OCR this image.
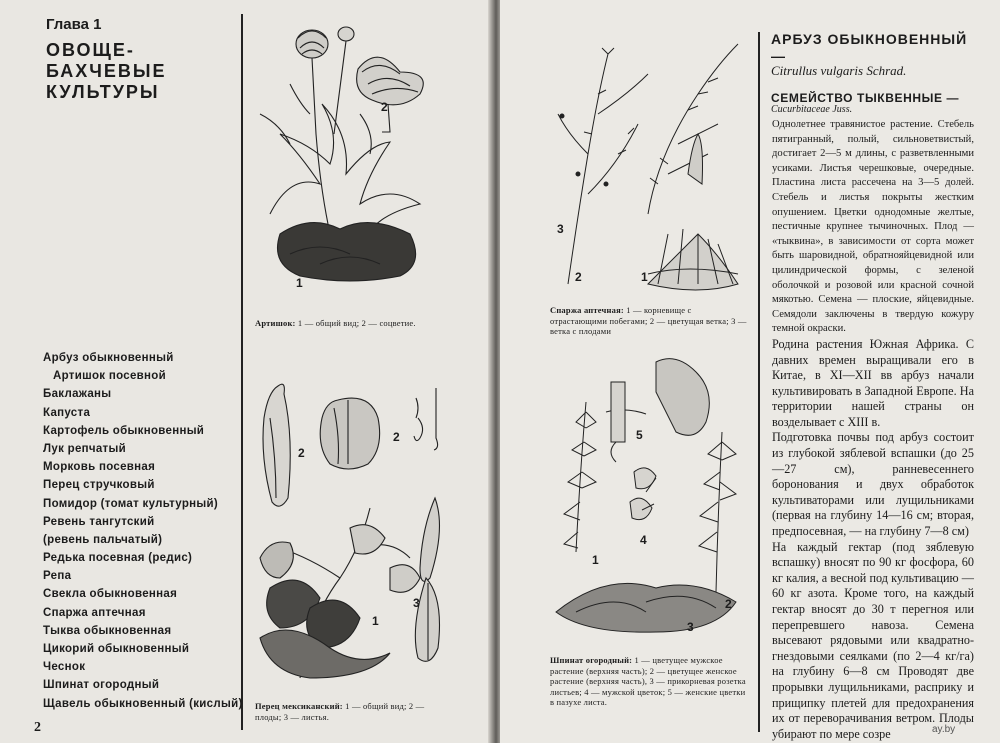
Глава 1
ОВОЩЕ-БАХЧЕВЫЕ КУЛЬТУРЫ
1
2
Артишок: 1 — общий вид; 2 — соцветие.
Арбуз обыкновенный
Артишок посевной
Баклажаны
Капуста
Картофель обыкновенный
Лук репчатый
Морковь посевная
Перец стручковый
Помидор (томат культурный)
Ревень тангутский
(ревень пальчатый)
Редька посевная (редис)
Репа
Свекла обыкновенная
Спаржа аптечная
Тыква обыкновенная
Цикорий обыкновенный
Чеснок
Шпинат огородный
Щавель обыкновенный (кислый)
1
2
2
3
Перец мексиканский: 1 — общий вид; 2 — плоды; 3 — листья.
2
1
2
3
Спаржа аптечная: 1 — корневище с отрастающими побегами; 2 — цветущая ветка; 3 — ветка с плодами
1
2
3
4
5
Шпинат огородный: 1 — цветущее мужское растение (верхняя часть); 2 — цветущее женское растение (верхняя часть), 3 — прикорневая розетка листьев; 4 — мужской цветок; 5 — женские цветки в пазухе листа.
АРБУЗ ОБЫКНОВЕННЫЙ —
Citrullus vulgaris Schrad.
СЕМЕЙСТВО ТЫКВЕННЫЕ —
Cucurbitaceae Juss.

Однолетнее травянистое растение. Стебель пятигранный, полый, сильноветвистый, достигает 2—5 м длины, с разветвленными усиками. Листья черешковые, очередные. Пластина листа рассечена на 3—5 долей. Стебель и листья покрыты жестким опушением. Цветки однодомные желтые, пестичные крупнее тычиночных. Плод — «тыквина», в зависимости от сорта может быть шаровидной, обратнояйцевидной или цилиндрической формы, с зеленой оболочкой и розовой или красной сочной мякотью. Семена — плоские, яйцевидные. Семядоли заключены в твердую кожуру темной окраски.

Родина растения Южная Африка. С давних времен выращивали его в Китае, в XI—XII вв арбуз начали культивировать в Западной Европе. На территории нашей страны он возделывает с XIII в.

Подготовка почвы под арбуз состоит из глубокой зяблевой вспашки (до 25—27 см), ранневесеннего боронования и двух обработок культиваторами или лущильниками (первая на глубину 14—16 см; вторая, предпосевная, — на глубину 7—8 см)

На каждый гектар (под зяблевую вспашку) вносят по 90 кг фосфора, 60 кг калия, а весной под культивацию — 60 кг азота. Кроме того, на каждый гектар вносят до 30 т перегноя или перепревшего навоза. Семена высевают рядовыми или квадратно-гнездовыми сеялками (по 2—4 кг/га) на глубину 6—8 см Проводят две прорывки лущильниками, расприку и прищипку плетей для предохранения их от переворачивания ветром. Плоды убирают по мере созре	ay.by
